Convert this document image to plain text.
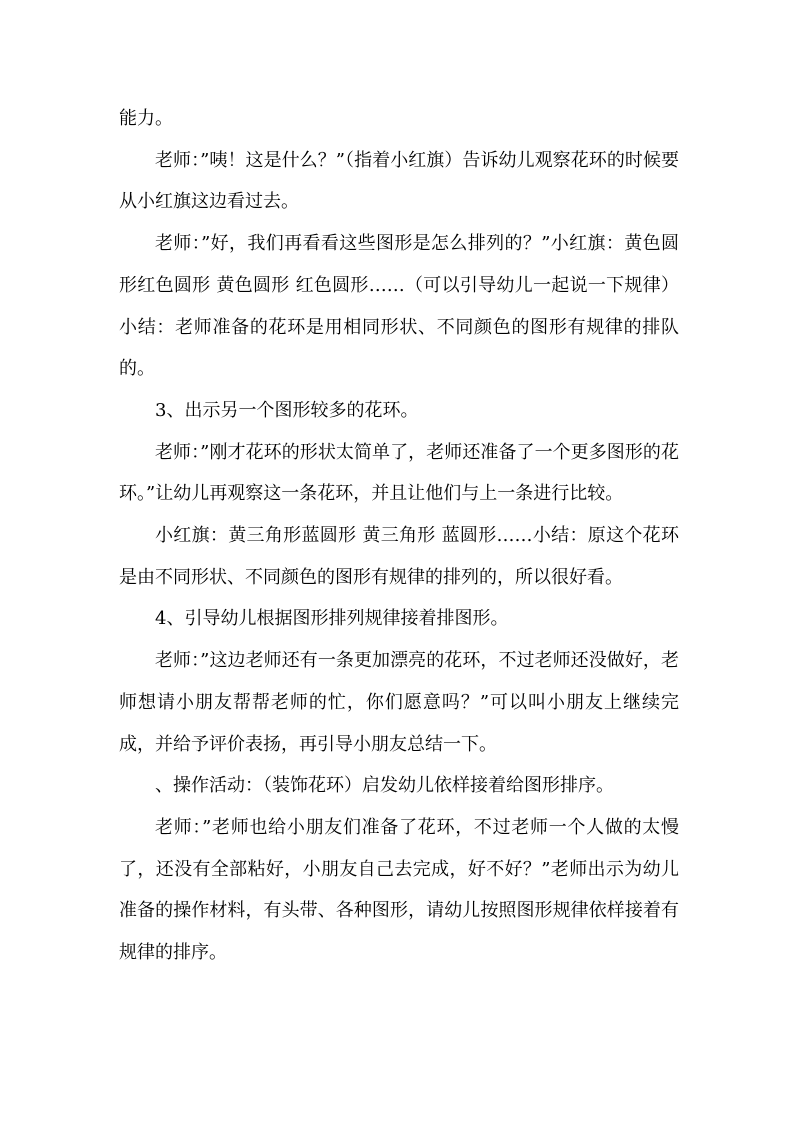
能力。

老师：”咦！这是什么？”（指着小红旗）告诉幼儿观察花环的时候要从小红旗这边看过去。

老师：”好，我们再看看这些图形是怎么排列的？”小红旗：黄色圆形红色圆形 黄色圆形 红色圆形……（可以引导幼儿一起说一下规律）小结：老师准备的花环是用相同形状、不同颜色的图形有规律的排队的。

3、出示另一个图形较多的花环。

老师：”刚才花环的形状太简单了，老师还准备了一个更多图形的花环。”让幼儿再观察这一条花环，并且让他们与上一条进行比较。

小红旗：黄三角形蓝圆形 黄三角形 蓝圆形……小结：原这个花环是由不同形状、不同颜色的图形有规律的排列的，所以很好看。

4、引导幼儿根据图形排列规律接着排图形。

老师：”这边老师还有一条更加漂亮的花环，不过老师还没做好，老师想请小朋友帮帮老师的忙，你们愿意吗？”可以叫小朋友上继续完成，并给予评价表扬，再引导小朋友总结一下。

、操作活动：（装饰花环）启发幼儿依样接着给图形排序。

老师：”老师也给小朋友们准备了花环，不过老师一个人做的太慢了，还没有全部粘好，小朋友自己去完成，好不好？”老师出示为幼儿准备的操作材料，有头带、各种图形，请幼儿按照图形规律依样接着有规律的排序。
